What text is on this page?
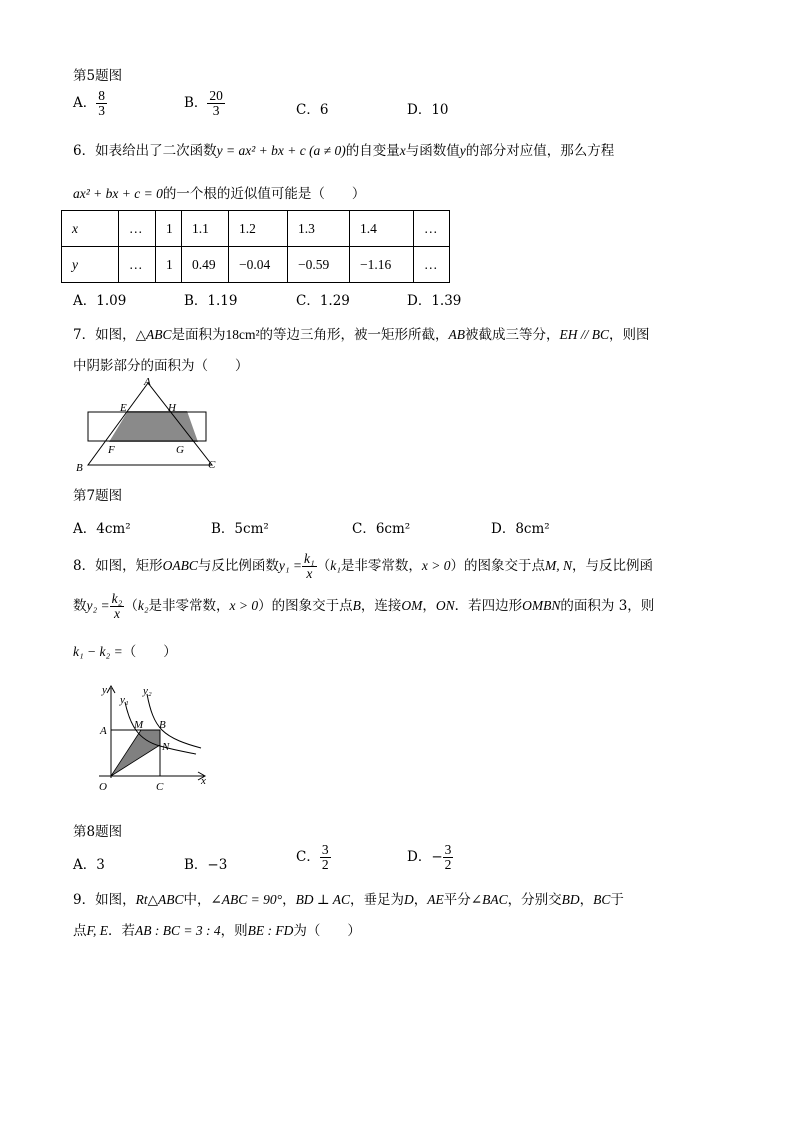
第5题图
A． $\frac{8}{3}$	B． $\frac{20}{3}$	C．6	D．10
6．如表给出了二次函数y = ax² + bx + c (a ≠ 0)的自变量x与函数值y的部分对应值，那么方程
ax² + bx + c = 0的一个根的近似值可能是（　　）
x	…	1	1.1	1.2	1.3	1.4	…
y	…	1	0.49	−0.04	−0.59	−1.16	…
A．1.09	B．1.19	C．1.29	D．1.39
7．如图，△ABC是面积为18cm²的等边三角形，被一矩形所截，AB被截成三等分，EH // BC，则图
中阴影部分的面积为（　　）
A
E	H
F	G
B	C
第7题图
A．4cm²	B．5cm²	C．6cm²	D．8cm²
8．如图，矩形OABC与反比例函数$y_1 = \frac{\text{k₁}}{x} (k_1$是非零常数，x > 0）的图象交于点M, N，与反比例函
数$y_2 = \frac{\text{k₂}}{x} (k_2$是非零常数，x > 0）的图象交于点B，连接OM，ON．若四边形OMBN的面积为 3，则
k₁ − k₂ =（　　）
y
y₁
y₂
A M B
N
O	C	x
第8题图
A．3	B．−3	C． $\frac{3}{2}$	D．− $\frac{3}{2}$
9．如图，Rt△ABC中，∠ABC = 90°，BD ⊥ AC，垂足为D，AE平分∠BAC，分别交BD，BC于
点F, E．若AB : BC = 3 : 4，则BE : FD为（　　）
